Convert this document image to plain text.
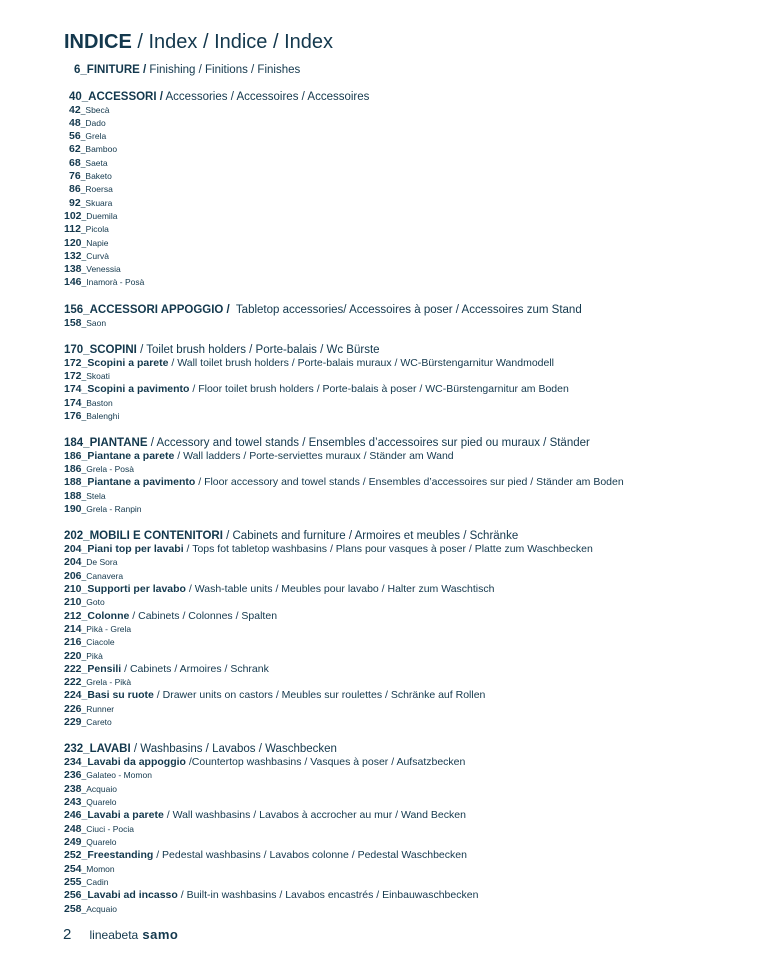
INDICE / Index / Indice / Index
6_FINITURE / Finishing / Finitions / Finishes
40_ACCESSORI / Accessories / Accessoires / Accessoires
42_Sbecà
48_Dado
56_Grela
62_Bamboo
68_Saeta
76_Baketo
86_Roersa
92_Skuara
102_Duemila
112_Picola
120_Napie
132_Curvà
138_Venessia
146_Inamorà - Posà
156_ACCESSORI APPOGGIO /  Tabletop accessories/ Accessoires à poser / Accessoires zum Stand
158_Saon
170_SCOPINI / Toilet brush holders / Porte-balais / Wc Bürste
172_Scopini a parete / Wall toilet brush holders / Porte-balais muraux / WC-Bürstengarnitur Wandmodell
172_Skoati
174_Scopini a pavimento / Floor toilet brush holders / Porte-balais à poser / WC-Bürstengarnitur am Boden
174_Baston
176_Balenghi
184_PIANTANE / Accessory and towel stands / Ensembles d’accessoires sur pied ou muraux / Ständer
186_Piantane a parete / Wall ladders / Porte-serviettes muraux / Ständer am Wand
186_Grela - Posà
188_Piantane a pavimento / Floor accessory and towel stands / Ensembles d’accessoires sur pied / Ständer am Boden
188_Stela
190_Grela - Ranpin
202_MOBILI E CONTENITORI / Cabinets and furniture / Armoires et meubles / Schränke
204_Piani top per lavabi / Tops fot tabletop washbasins / Plans pour vasques à poser / Platte zum Waschbecken
204_De Sora
206_Canavera
210_Supporti per lavabo / Wash-table units / Meubles pour lavabo / Halter zum Waschtisch
210_Goto
212_Colonne / Cabinets / Colonnes / Spalten
214_Pikà - Grela
216_Ciacole
220_Pikà
222_Pensili / Cabinets / Armoires / Schrank
222_Grela - Pikà
224_Basi su ruote / Drawer units on castors / Meubles sur roulettes / Schränke auf Rollen
226_Runner
229_Careto
232_LAVABI / Washbasins / Lavabos / Waschbecken
234_Lavabi da appoggio /Countertop washbasins / Vasques à poser / Aufsatzbecken
236_Galateo - Momon
238_Acquaio
243_Quarelo
246_Lavabi a parete / Wall washbasins / Lavabos à accrocher au mur / Wand Becken
248_Ciuci - Pocia
249_Quarelo
252_Freestanding / Pedestal washbasins / Lavabos colonne / Pedestal Waschbecken
254_Momon
255_Cadin
256_Lavabi ad incasso / Built-in washbasins / Lavabos encastrés / Einbauwaschbecken
258_Acquaio
2 lineabeta samo
